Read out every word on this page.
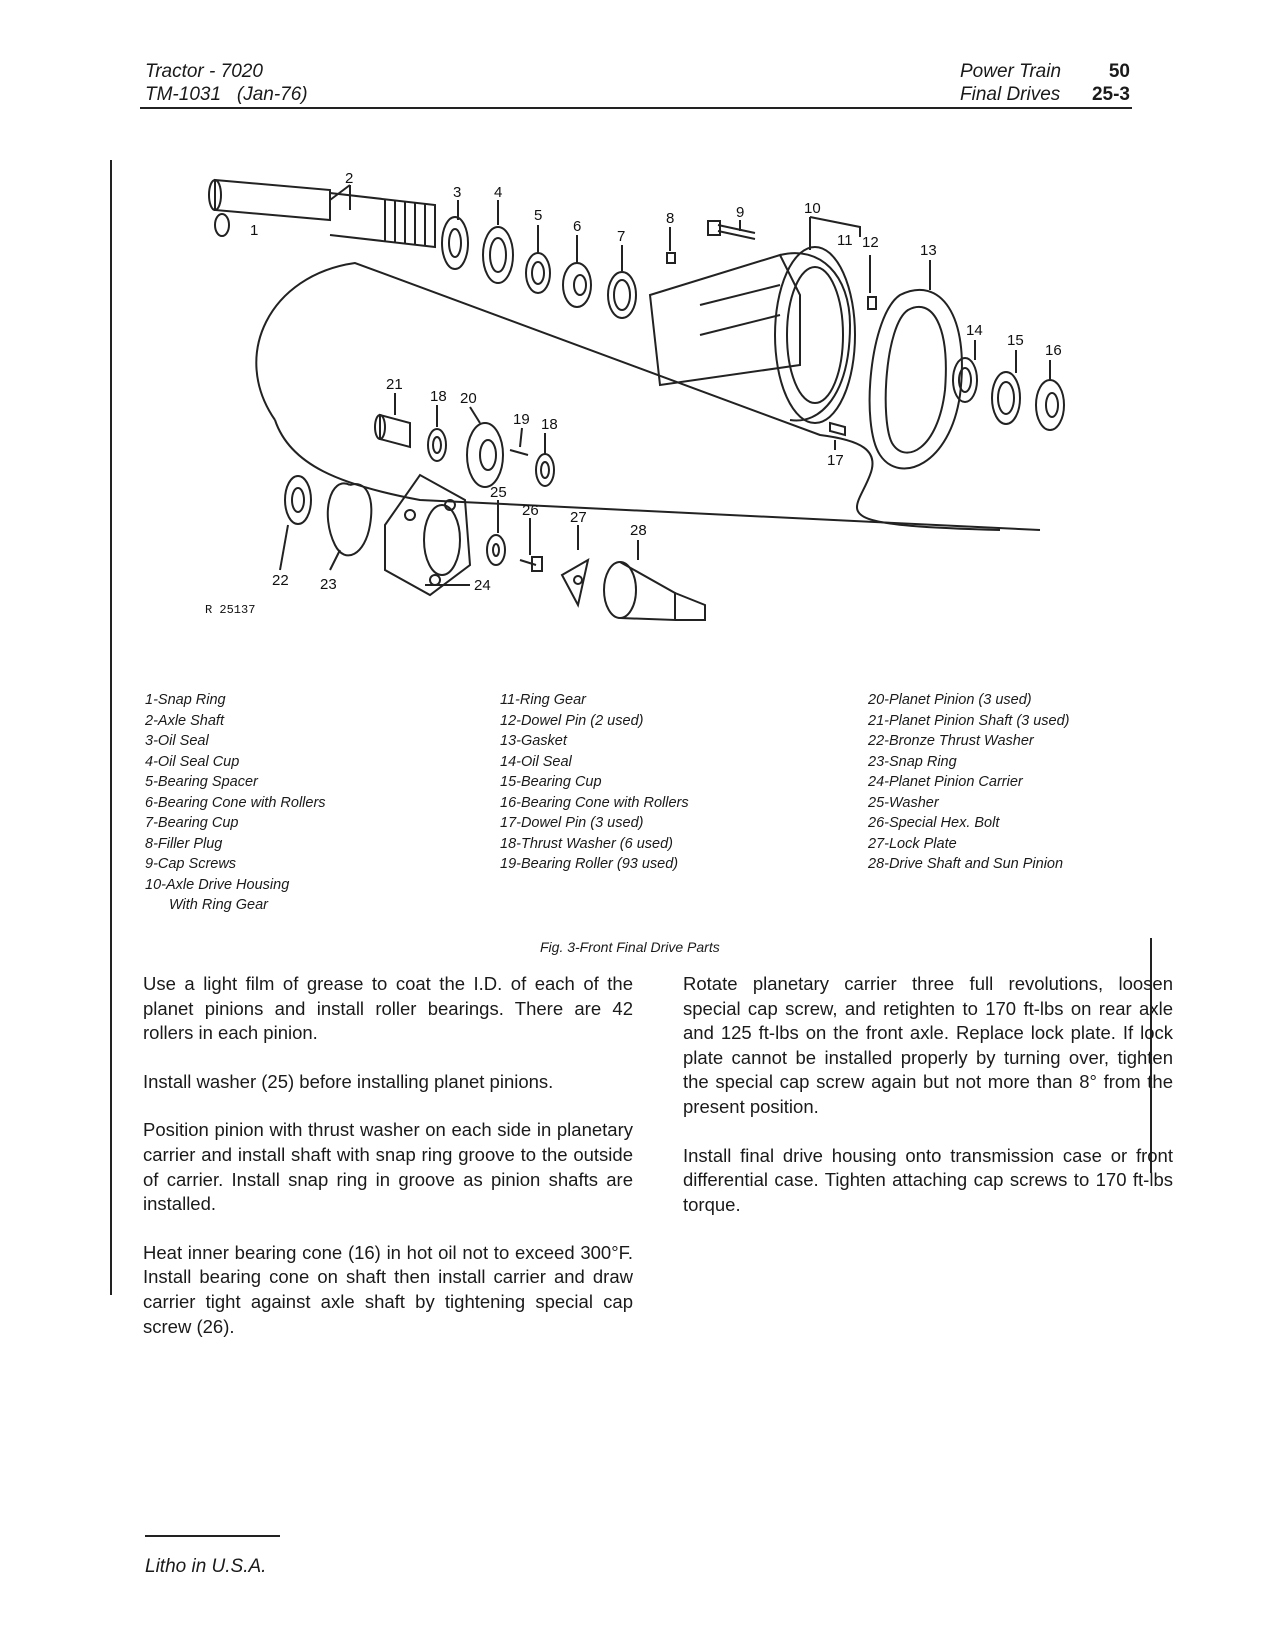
Tractor - 7020
TM-1031   (Jan-76)
Power Train	50
Final Drives 25-3
1
2
3 4
5
6
7
8	9	10
11 12	13
14
15
16
17
18
18
19
20
21
22 23	24
25
26 27
28
R 25137
1-Snap Ring
2-Axle Shaft
3-Oil Seal
4-Oil Seal Cup
5-Bearing Spacer
6-Bearing Cone with Rollers
7-Bearing Cup
8-Filler Plug
9-Cap Screws
10-Axle Drive Housing
With Ring Gear
11-Ring Gear
12-Dowel Pin (2 used)
13-Gasket
14-Oil Seal
15-Bearing Cup
16-Bearing Cone with Rollers
17-Dowel Pin (3 used)
18-Thrust Washer (6 used)
19-Bearing Roller (93 used)
20-Planet Pinion (3 used)
21-Planet Pinion Shaft (3 used)
22-Bronze Thrust Washer
23-Snap Ring
24-Planet Pinion Carrier
25-Washer
26-Special Hex. Bolt
27-Lock Plate
28-Drive Shaft and Sun Pinion
Fig. 3-Front Final Drive Parts

Use a light film of grease to coat the I.D. of each of the planet pinions and install roller bearings. There are 42 rollers in each pinion.

Install washer (25) before installing planet pinions.

Position pinion with thrust washer on each side in planetary carrier and install shaft with snap ring groove to the outside of carrier. Install snap ring in groove as pinion shafts are installed.

Heat inner bearing cone (16) in hot oil not to exceed 300°F. Install bearing cone on shaft then install carrier and draw carrier tight against axle shaft by tightening special cap screw (26).

Rotate planetary carrier three full revolutions, loosen special cap screw, and retighten to 170 ft-lbs on rear axle and 125 ft-lbs on the front axle. Replace lock plate. If lock plate cannot be installed properly by turning over, tighten the special cap screw again but not more than 8° from the present position.

Install final drive housing onto transmission case or front differential case. Tighten attaching cap screws to 170 ft-lbs torque.

Litho in U.S.A.
